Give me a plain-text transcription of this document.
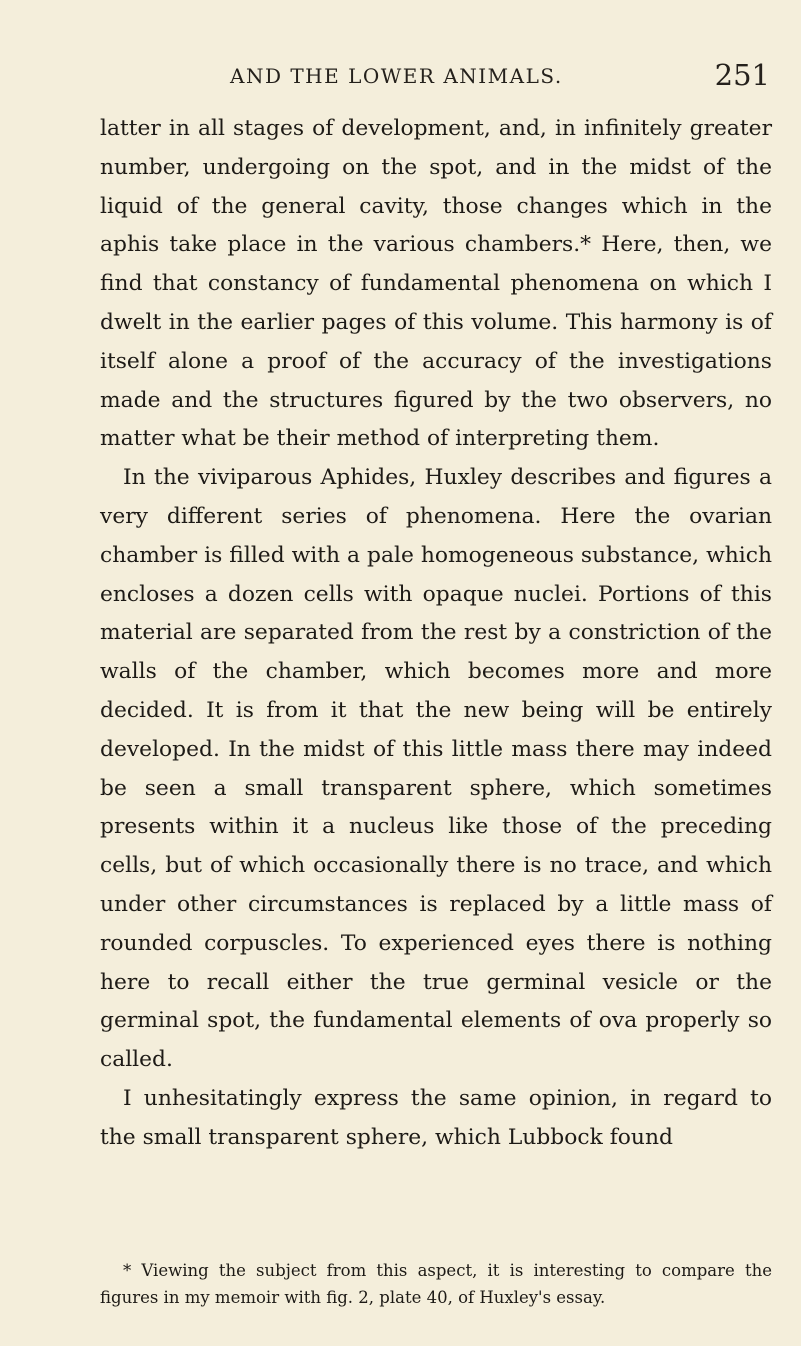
AND THE LOWER ANIMALS.	251

latter in all stages of development, and, in infinitely greater number, undergoing on the spot, and in the midst of the liquid of the general cavity, those changes which in the aphis take place in the various chambers.* Here, then, we find that constancy of fundamental phenomena on which I dwelt in the earlier pages of this volume. This harmony is of itself alone a proof of the accuracy of the investigations made and the structures figured by the two observers, no matter what be their method of interpreting them.

In the viviparous Aphides, Huxley describes and figures a very different series of phenomena. Here the ovarian chamber is filled with a pale homogeneous substance, which encloses a dozen cells with opaque nuclei. Portions of this material are separated from the rest by a constriction of the walls of the chamber, which becomes more and more decided. It is from it that the new being will be entirely developed. In the midst of this little mass there may indeed be seen a small transparent sphere, which sometimes presents within it a nucleus like those of the preceding cells, but of which occasionally there is no trace, and which under other circumstances is replaced by a little mass of rounded corpuscles. To experienced eyes there is nothing here to recall either the true germinal vesicle or the germinal spot, the fundamental elements of ova properly so called.

I unhesitatingly express the same opinion, in regard to the small transparent sphere, which Lubbock found

* Viewing the subject from this aspect, it is interesting to compare the figures in my memoir with fig. 2, plate 40, of Huxley's essay.
